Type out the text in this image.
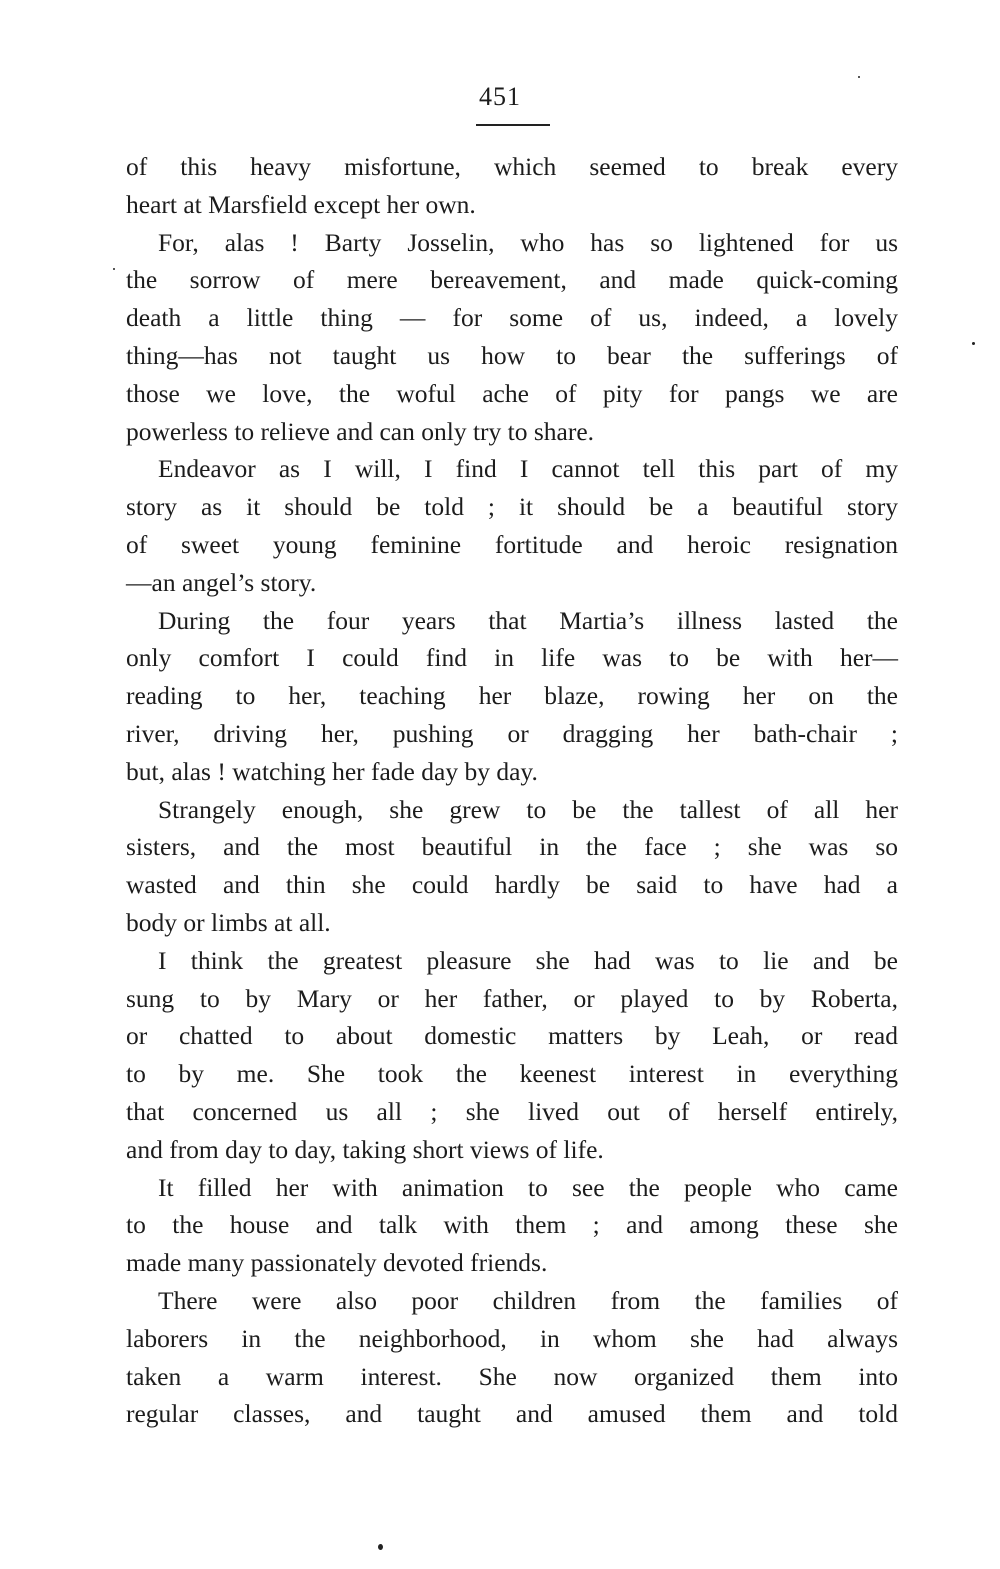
451
of this heavy misfortune, which seemed to break every
heart at Marsfield except her own.
For, alas ! Barty Josselin, who has so lightened for us
the sorrow of mere bereavement, and made quick-coming
death a little thing — for some of us, indeed, a lovely
thing—has not taught us how to bear the sufferings of
those we love, the woful ache of pity for pangs we are
powerless to relieve and can only try to share.
Endeavor as I will, I find I cannot tell this part of my
story as it should be told ; it should be a beautiful story
of sweet young feminine fortitude and heroic resignation
—an angel’s story.
During the four years that Martia’s illness lasted the
only comfort I could find in life was to be with her—
reading to her, teaching her blaze, rowing her on the
river, driving her, pushing or dragging her bath-chair ;
but, alas ! watching her fade day by day.
Strangely enough, she grew to be the tallest of all her
sisters, and the most beautiful in the face ; she was so
wasted and thin she could hardly be said to have had a
body or limbs at all.
I think the greatest pleasure she had was to lie and be
sung to by Mary or her father, or played to by Roberta,
or chatted to about domestic matters by Leah, or read
to by me. She took the keenest interest in everything
that concerned us all ; she lived out of herself entirely,
and from day to day, taking short views of life.
It filled her with animation to see the people who came
to the house and talk with them ; and among these she
made many passionately devoted friends.
There were also poor children from the families of
laborers in the neighborhood, in whom she had always
taken a warm interest. She now organized them into
regular classes, and taught and amused them and told
